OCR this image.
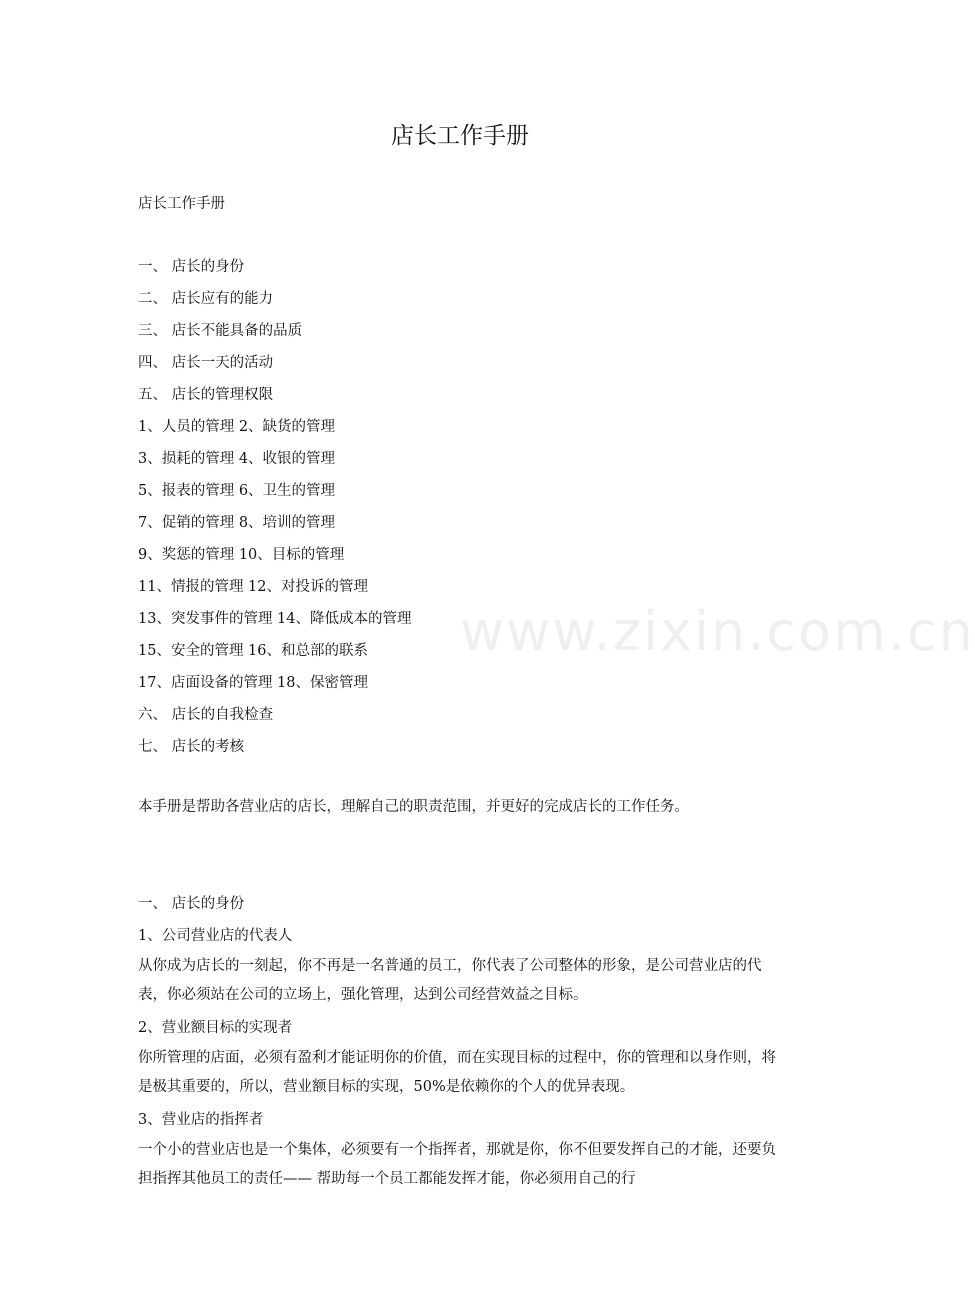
店长工作手册
店长工作手册
一、 店长的身份
二、 店长应有的能力
三、 店长不能具备的品质
四、 店长一天的活动
五、 店长的管理权限
1、人员的管理 2、缺货的管理
3、损耗的管理 4、收银的管理
5、报表的管理 6、卫生的管理
7、促销的管理 8、培训的管理
9、奖惩的管理 10、目标的管理
11、情报的管理 12、对投诉的管理
13、突发事件的管理 14、降低成本的管理
15、安全的管理 16、和总部的联系
17、店面设备的管理 18、保密管理
六、 店长的自我检查
七、 店长的考核
本手册是帮助各营业店的店长，理解自己的职责范围，并更好的完成店长的工作任务。
一、 店长的身份
1、公司营业店的代表人
从你成为店长的一刻起，你不再是一名普通的员工，你代表了公司整体的形象，是公司营业店的代表，你必须站在公司的立场上，强化管理，达到公司经营效益之目标。
2、营业额目标的实现者
你所管理的店面，必须有盈利才能证明你的价值，而在实现目标的过程中，你的管理和以身作则，将是极其重要的，所以，营业额目标的实现，50%是依赖你的个人的优异表现。
3、营业店的指挥者
一个小的营业店也是一个集体，必须要有一个指挥者，那就是你，你不但要发挥自己的才能，还要负担指挥其他员工的责任—— 帮助每一个员工都能发挥才能，你必须用自己的行
www.zixin.com.cn
